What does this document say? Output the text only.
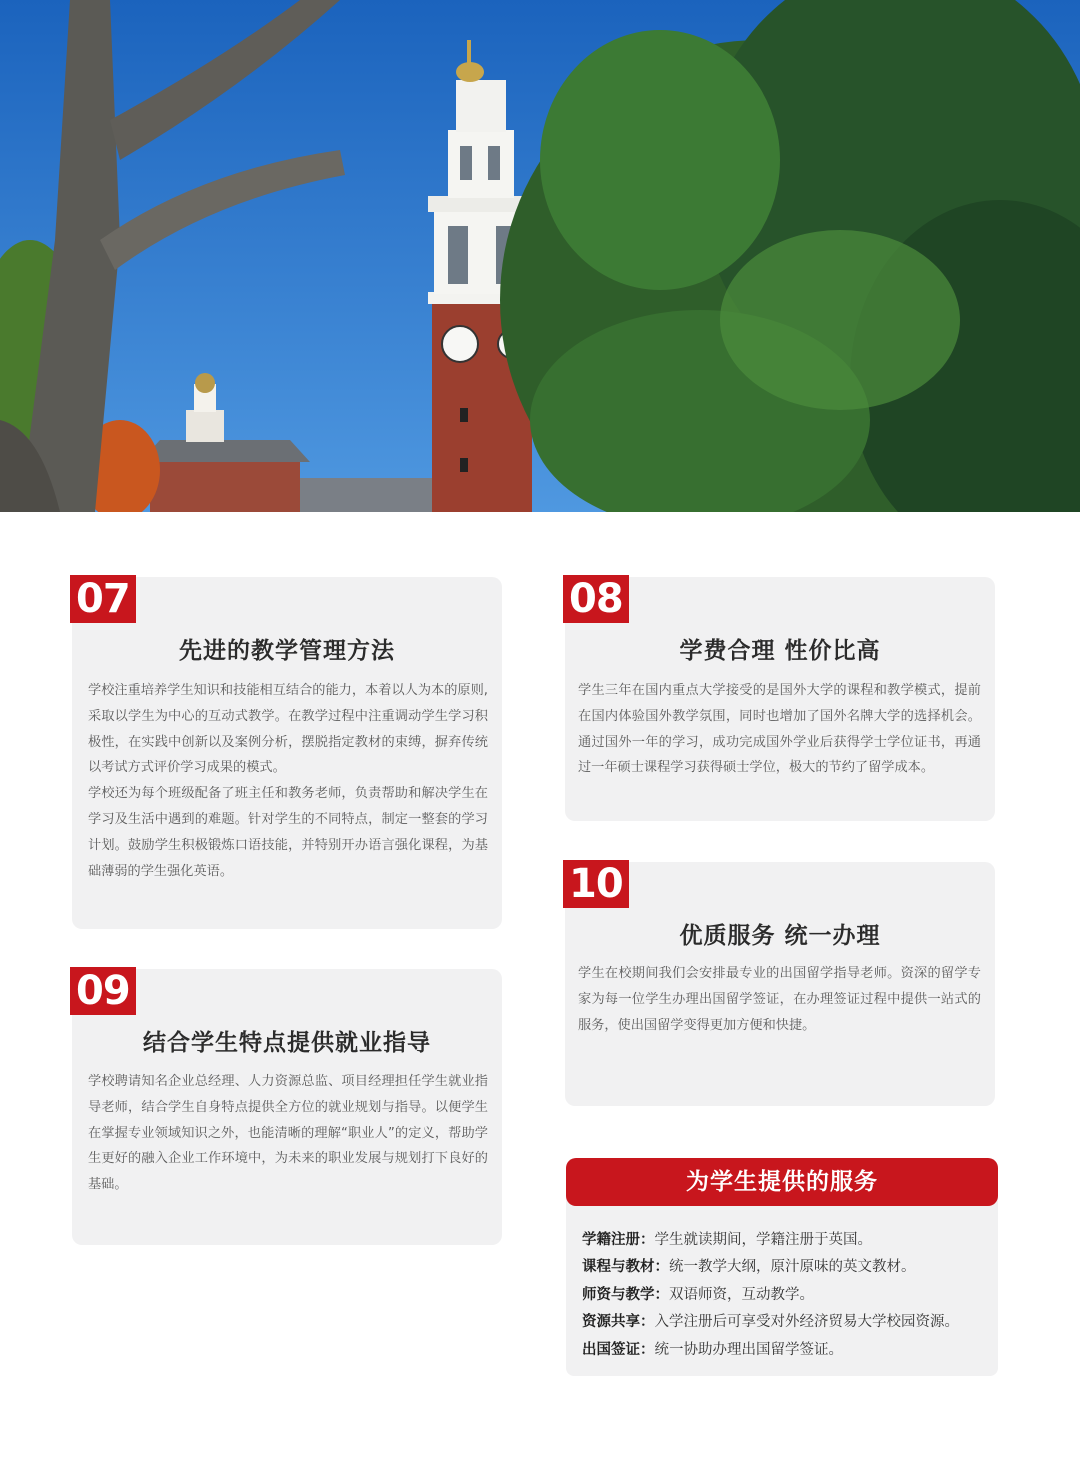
07
先进的教学管理方法

学校注重培养学生知识和技能相互结合的能力，本着以人为本的原则,采取以学生为中心的互动式教学。在教学过程中注重调动学生学习积极性，在实践中创新以及案例分析，摆脱指定教材的束缚，摒弃传统以考试方式评价学习成果的模式。

学校还为每个班级配备了班主任和教务老师，负责帮助和解决学生在学习及生活中遇到的难题。针对学生的不同特点，制定一整套的学习计划。鼓励学生积极锻炼口语技能，并特别开办语言强化课程，为基础薄弱的学生强化英语。

08
学费合理 性价比高

学生三年在国内重点大学接受的是国外大学的课程和教学模式，提前在国内体验国外教学氛围，同时也增加了国外名牌大学的选择机会。通过国外一年的学习，成功完成国外学业后获得学士学位证书，再通过一年硕士课程学习获得硕士学位，极大的节约了留学成本。

10
优质服务 统一办理

学生在校期间我们会安排最专业的出国留学指导老师。资深的留学专家为每一位学生办理出国留学签证，在办理签证过程中提供一站式的服务，使出国留学变得更加方便和快捷。

09
结合学生特点提供就业指导

学校聘请知名企业总经理、人力资源总监、项目经理担任学生就业指导老师，结合学生自身特点提供全方位的就业规划与指导。以便学生在掌握专业领域知识之外，也能清晰的理解“职业人”的定义，帮助学生更好的融入企业工作环境中，为未来的职业发展与规划打下良好的基础。	为学生提供的服务
学籍注册：学生就读期间，学籍注册于英国。
课程与教材：统一教学大纲，原汁原味的英文教材。
师资与教学：双语师资，互动教学。
资源共享：入学注册后可享受对外经济贸易大学校园资源。
出国签证：统一协助办理出国留学签证。
